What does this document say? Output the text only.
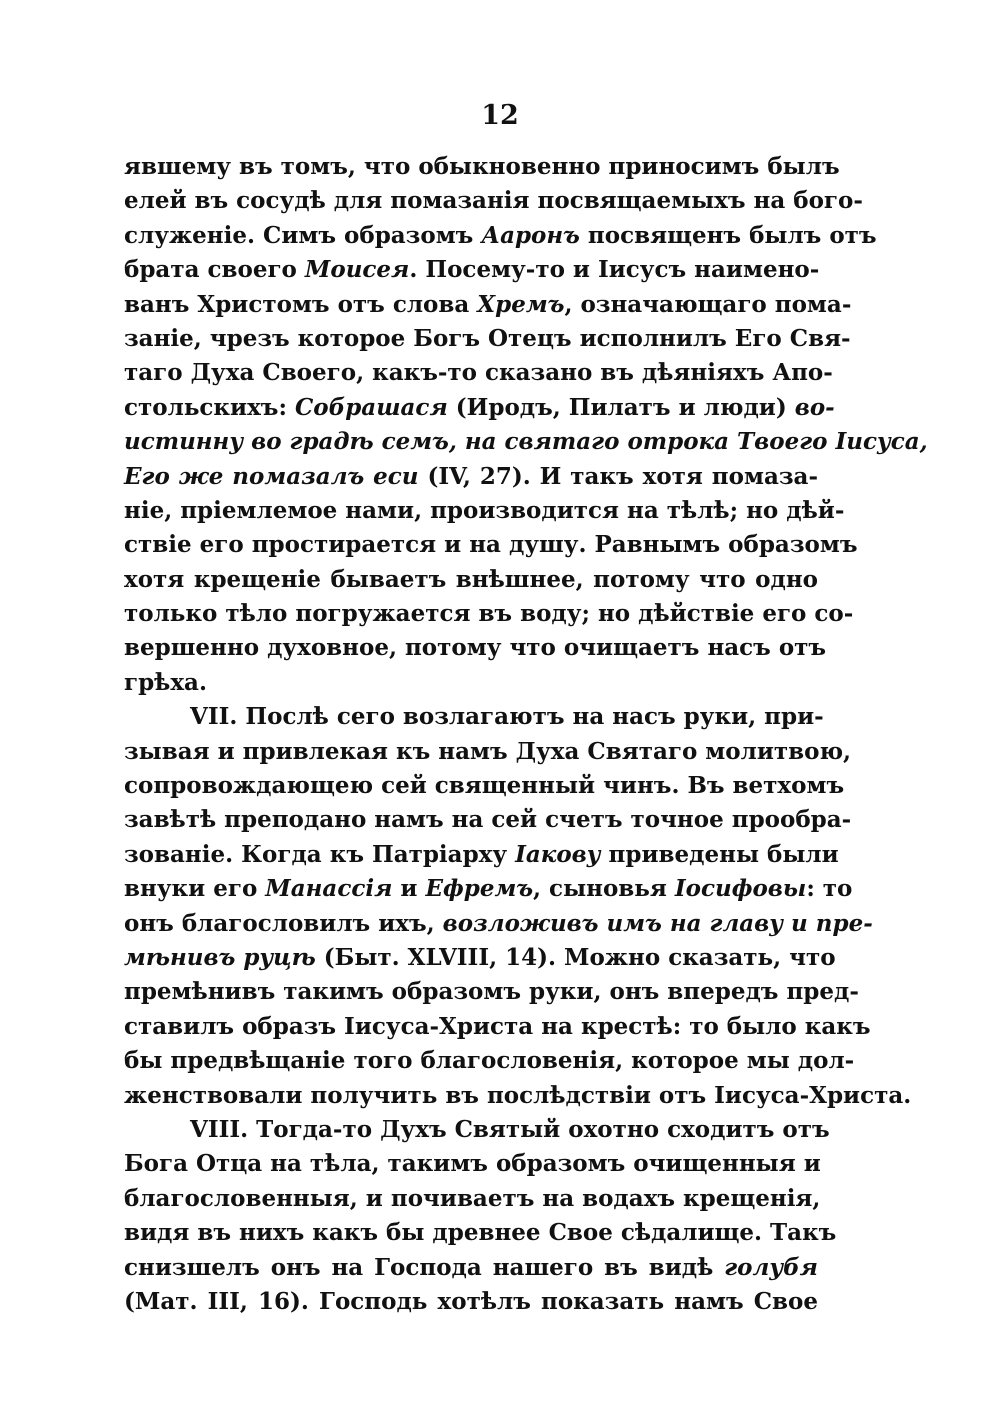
12
явшему въ томъ, что обыкновенно приносимъ былъ
елей въ сосудѣ для помазанія посвящаемыхъ на бого-
служеніе. Симъ образомъ Ааронъ посвященъ былъ отъ
брата своего Моисея. Посему-то и Іисусъ наимено-
ванъ Христомъ отъ слова Хремъ, означающаго пома-
заніе, чрезъ которое Богъ Отецъ исполнилъ Его Свя-
таго Духа Своего, какъ-то сказано въ дѣяніяхъ Апо-
стольскихъ: Собрашася (Иродъ, Пилатъ и люди) во-
истинну во градѣ семъ, на святаго отрока Твоего Іисуса,
Его же помазалъ еси (IV, 27). И такъ хотя помаза-
ніе, пріемлемое нами, производится на тѣлѣ; но дѣй-
ствіе его простирается и на душу. Равнымъ образомъ
хотя крещеніе бываетъ внѣшнее, потому что одно
только тѣло погружается въ воду; но дѣйствіе его со-
вершенно духовное, потому что очищаетъ насъ отъ
грѣха.
VII. Послѣ сего возлагаютъ на насъ руки, при-
зывая и привлекая къ намъ Духа Святаго молитвою,
сопровождающею сей священный чинъ. Въ ветхомъ
завѣтѣ преподано намъ на сей счетъ точное прообра-
зованіе. Когда къ Патріарху Іакову приведены были
внуки его Манассія и Ефремъ, сыновья Іосифовы: то
онъ благословилъ ихъ, возложивъ имъ на главу и пре-
мѣнивъ руцѣ (Быт. XLVIII, 14). Можно сказать, что
премѣнивъ такимъ образомъ руки, онъ впередъ пред-
ставилъ образъ Іисуса-Христа на крестѣ: то было какъ
бы предвѣщаніе того благословенія, которое мы дол-
женствовали получить въ послѣдствіи отъ Іисуса-Христа.
VIII. Тогда-то Духъ Святый охотно сходитъ отъ
Бога Отца на тѣла, такимъ образомъ очищенныя и
благословенныя, и почиваетъ на водахъ крещенія,
видя въ нихъ какъ бы древнее Свое сѣдалище. Такъ
снизшелъ онъ на Господа нашего въ видѣ голубя
(Мат. III, 16). Господь хотѣлъ показать намъ Свое
